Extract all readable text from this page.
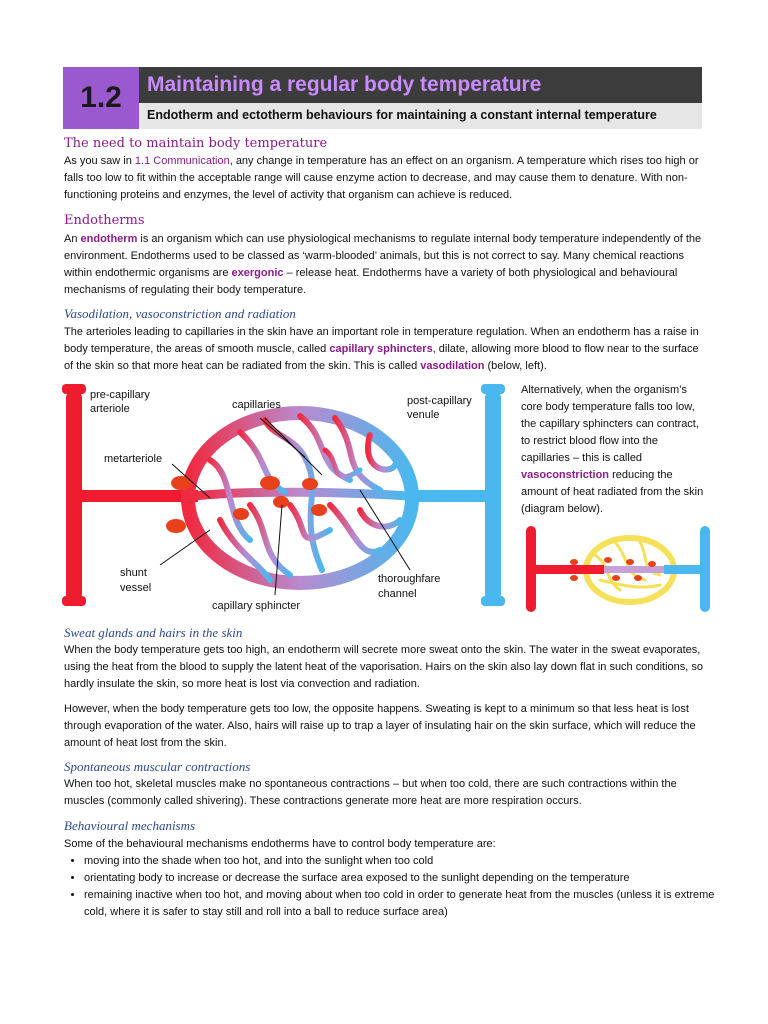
1.2	Maintaining a regular body temperature
Endotherm and ectotherm behaviours for maintaining a constant internal temperature
The need to maintain body temperature

As you saw in 1.1 Communication, any change in temperature has an effect on an organism. A temperature which rises too high or falls too low to fit within the acceptable range will cause enzyme action to decrease, and may cause them to denature. With non-functioning proteins and enzymes, the level of activity that organism can achieve is reduced.

Endotherms

An endotherm is an organism which can use physiological mechanisms to regulate internal body temperature independently of the environment. Endotherms used to be classed as ‘warm-blooded’ animals, but this is not correct to say. Many chemical reactions within endothermic organisms are exergonic – release heat. Endotherms have a variety of both physiological and behavioural mechanisms of regulating their body temperature.

Vasodilation, vasoconstriction and radiation

The arterioles leading to capillaries in the skin have an important role in temperature regulation. When an endotherm has a raise in body temperature, the areas of smooth muscle, called capillary sphincters, dilate, allowing more blood to flow near to the surface of the skin so that more heat can be radiated from the skin. This is called vasodilation (below, left).

Alternatively, when the organism’s core body temperature falls too low, the capillary sphincters can contract, to restrict blood flow into the capillaries – this is called vasoconstriction reducing the amount of heat radiated from the skin (diagram below).
pre-capillary
arteriole	capillaries	post-capillary
venule
metarteriole
shunt
vessel
thoroughfare
channel
capillary sphincter
Sweat glands and hairs in the skin

When the body temperature gets too high, an endotherm will secrete more sweat onto the skin. The water in the sweat evaporates, using the heat from the blood to supply the latent heat of the vaporisation. Hairs on the skin also lay down flat in such conditions, so hardly insulate the skin, so more heat is lost via convection and radiation.

However, when the body temperature gets too low, the opposite happens. Sweating is kept to a minimum so that less heat is lost through evaporation of the water. Also, hairs will raise up to trap a layer of insulating hair on the skin surface, which will reduce the amount of heat lost from the skin.

Spontaneous muscular contractions

When too hot, skeletal muscles make no spontaneous contractions – but when too cold, there are such contractions within the muscles (commonly called shivering). These contractions generate more heat are more respiration occurs.

Behavioural mechanisms

Some of the behavioural mechanisms endotherms have to control body temperature are:

• moving into the shade when too hot, and into the sunlight when too cold
• orientating body to increase or decrease the surface area exposed to the sunlight depending on the temperature
• remaining inactive when too hot, and moving about when too cold in order to generate heat from the muscles (unless it is extreme cold, where it is safer to stay still and roll into a ball to reduce surface area)
